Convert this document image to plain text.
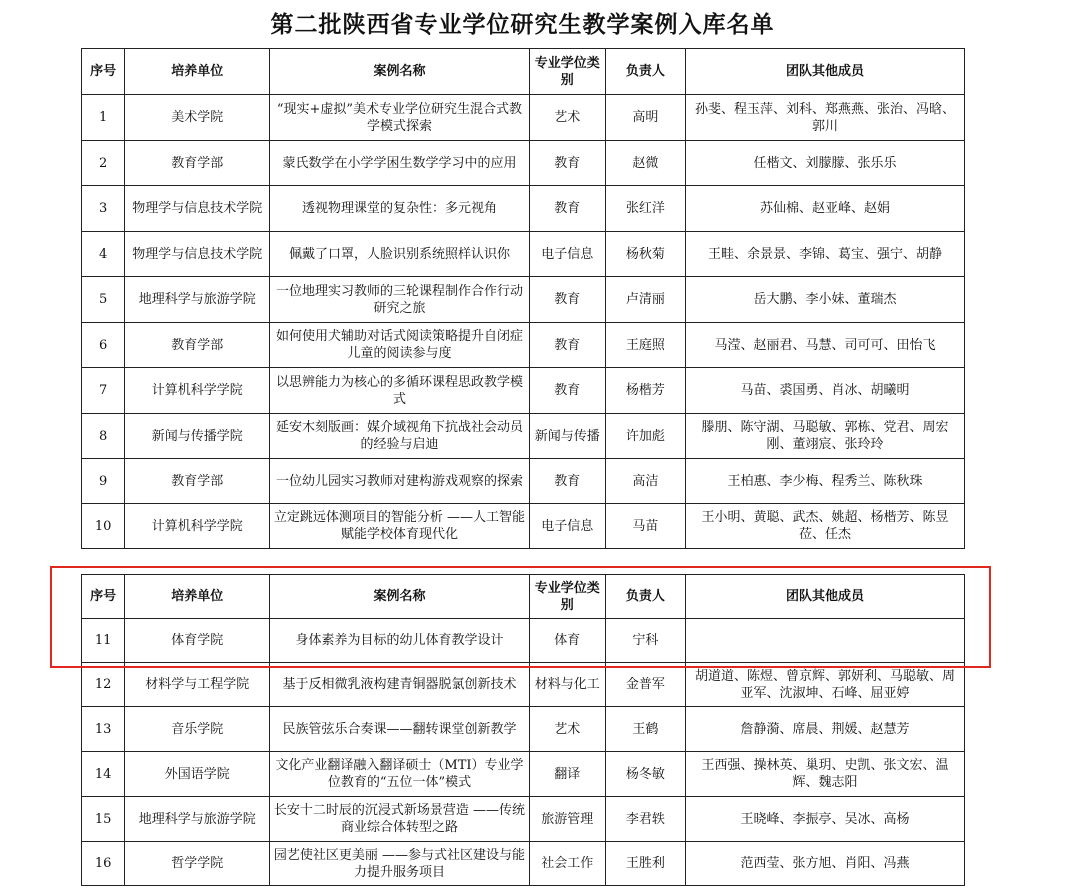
第二批陕西省专业学位研究生教学案例入库名单
序号	培养单位	案例名称	专业学位类别	负责人	团队其他成员
1	美术学院	“现实+虚拟”美术专业学位研究生混合式教学模式探索	艺术	高明	孙斐、程玉萍、刘科、郑燕燕、张治、冯晗、郭川
2	教育学部	蒙氏数学在小学学困生数学学习中的应用	教育	赵微	任楷文、刘朦朦、张乐乐
3	物理学与信息技术学院	透视物理课堂的复杂性：多元视角	教育	张红洋	苏仙棉、赵亚峰、赵娟
4	物理学与信息技术学院	佩戴了口罩，人脸识别系统照样认识你	电子信息	杨秋菊	王畦、余景景、李锦、葛宝、强宁、胡静
5	地理科学与旅游学院	一位地理实习教师的三轮课程制作合作行动研究之旅	教育	卢清丽	岳大鹏、李小妹、董瑞杰
6	教育学部	如何使用犬辅助对话式阅读策略提升自闭症儿童的阅读参与度	教育	王庭照	马滢、赵丽君、马慧、司可可、田怡飞
7	计算机科学学院	以思辨能力为核心的多循环课程思政教学模式	教育	杨楷芳	马苗、裘国勇、肖冰、胡曦明
8	新闻与传播学院	延安木刻版画：媒介域视角下抗战社会动员的经验与启迪	新闻与传播	许加彪	滕朋、陈守湖、马聪敏、郭栋、党君、周宏刚、董翊宸、张玲玲
9	教育学部	一位幼儿园实习教师对建构游戏观察的探索	教育	高洁	王柏惠、李少梅、程秀兰、陈秋珠
10	计算机科学学院	立定跳远体测项目的智能分析 ——人工智能赋能学校体育现代化	电子信息	马苗	王小明、黄聪、武杰、姚超、杨楷芳、陈昱莅、任杰
序号	培养单位	案例名称	专业学位类别	负责人	团队其他成员
11	体育学院	身体素养为目标的幼儿体育教学设计	体育	宁科	
12	材料学与工程学院	基于反相微乳液构建青铜器脱氯创新技术	材料与化工	金普军	胡道道、陈煜、曾京辉、郭妍利、马聪敏、周亚军、沈淑坤、石峰、屈亚婷
13	音乐学院	民族管弦乐合奏课——翻转课堂创新教学	艺术	王鹤	詹静漪、席晨、荆媛、赵慧芳
14	外国语学院	文化产业翻译融入翻译硕士（MTI）专业学位教育的“五位一体”模式	翻译	杨冬敏	王西强、操林英、巢玥、史凯、张文宏、温辉、魏志阳
15	地理科学与旅游学院	长安十二时辰的沉浸式新场景营造 ——传统商业综合体转型之路	旅游管理	李君轶	王晓峰、李振亭、吴冰、高杨
16	哲学学院	园艺使社区更美丽 ——参与式社区建设与能力提升服务项目	社会工作	王胜利	范西莹、张方旭、肖阳、冯燕
